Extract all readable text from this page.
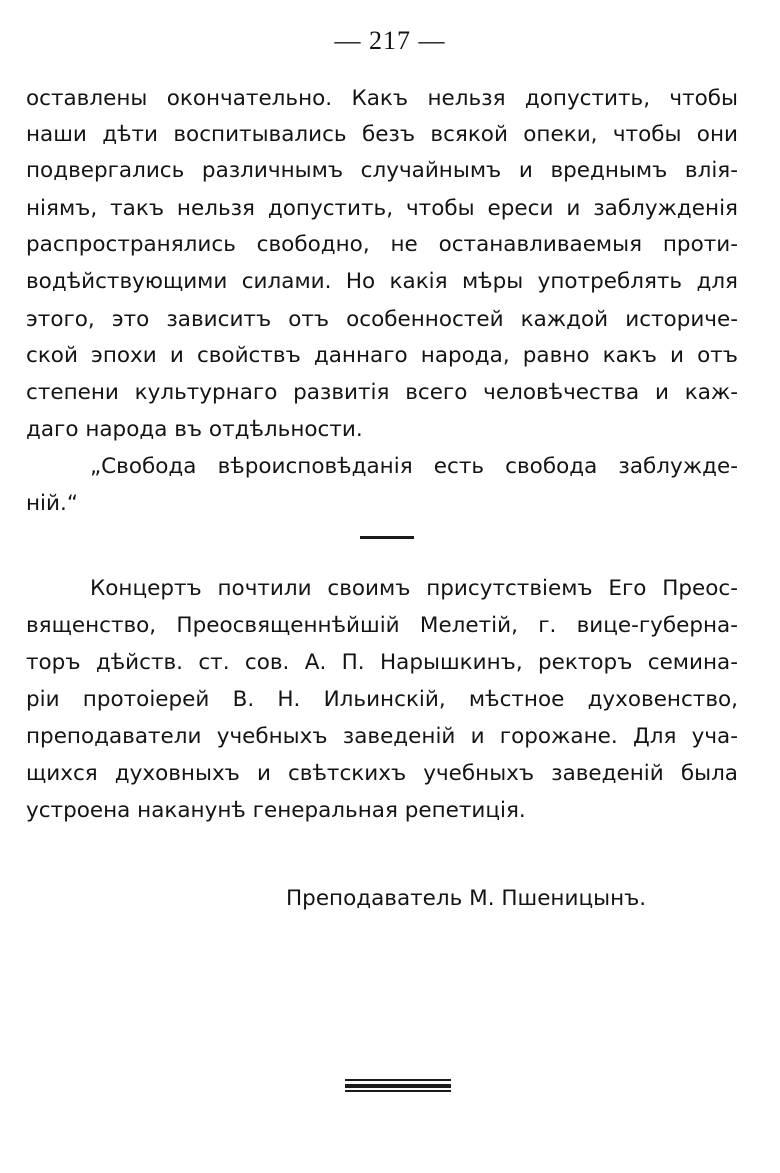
— 217 —
оставлены окончательно. Какъ нельзя допустить, чтобы
наши дѣти воспитывались безъ всякой опеки, чтобы они
подвергались различнымъ случайнымъ и вреднымъ влія-
ніямъ, такъ нельзя допустить, чтобы ереси и заблужденія
распространялись свободно, не останавливаемыя проти-
водѣйствующими силами. Но какія мѣры употреблять для
этого, это зависитъ отъ особенностей каждой историче-
ской эпохи и свойствъ даннаго народа, равно какъ и отъ
степени культурнаго развитія всего человѣчества и каж-
даго народа въ отдѣльности.
„Свобода вѣроисповѣданія есть свобода заблужде-
ній.“
Концертъ почтили своимъ присутствіемъ Его Преос-
вященство, Преосвященнѣйшій Мелетій, г. вице-губерна-
торъ дѣйств. ст. сов. А. П. Нарышкинъ, ректоръ семина-
ріи протоіерей В. Н. Ильинскій, мѣстное духовенство,
преподаватели учебныхъ заведеній и горожане. Для уча-
щихся духовныхъ и свѣтскихъ учебныхъ заведеній была
устроена наканунѣ генеральная репетиція.
Преподаватель М. Пшеницынъ.
